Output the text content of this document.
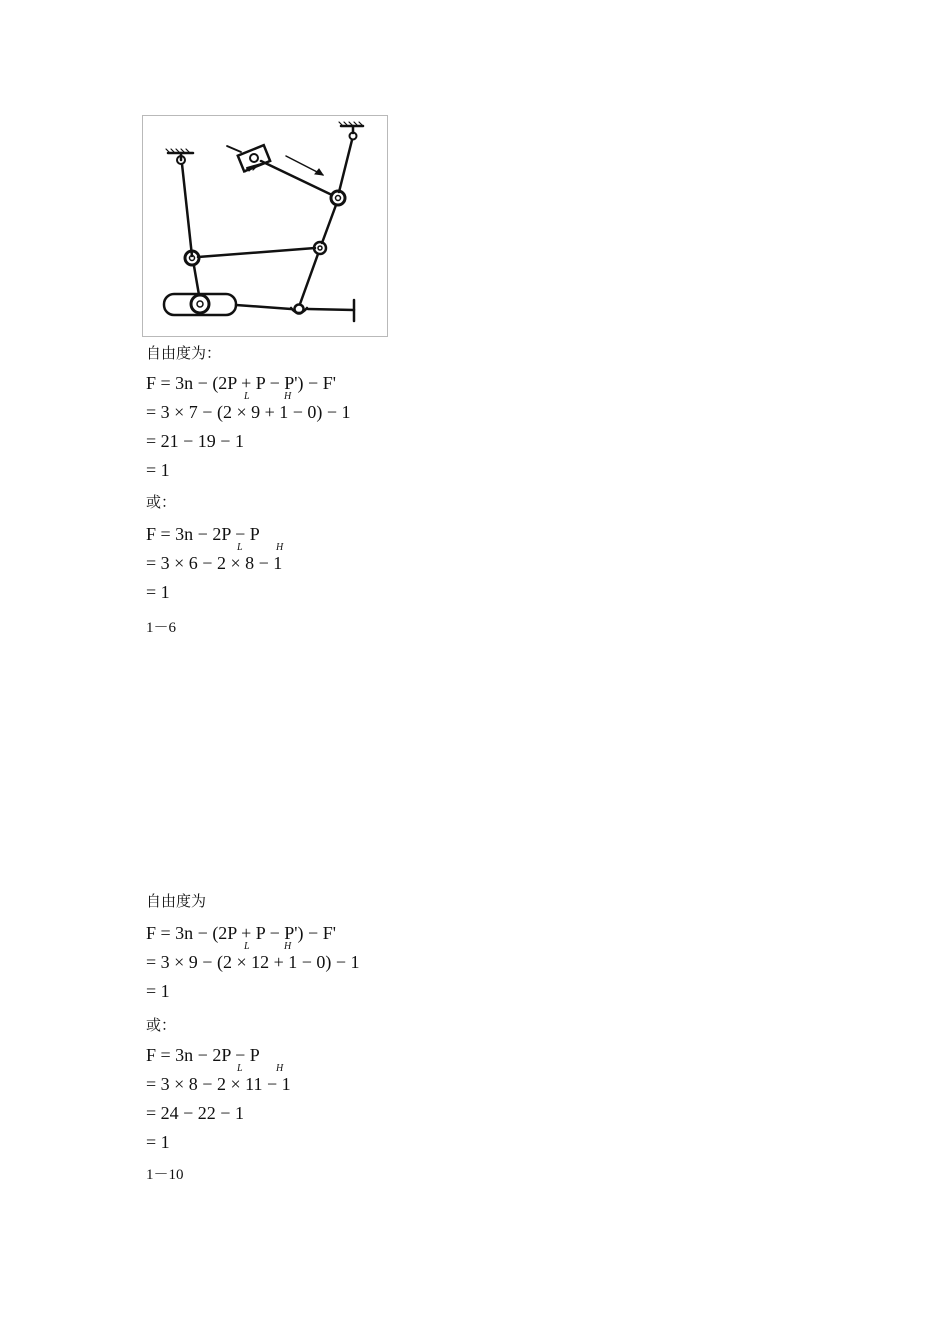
自由度为：
F = 3n − (2P + P − P') − F'
L	H
= 3 × 7 − (2 × 9 + 1 − 0) − 1
= 21 − 19 − 1
= 1
或：
F = 3n − 2P − P
L	H
= 3 × 6 − 2 × 8 − 1
= 1
1－6
自由度为
F = 3n − (2P + P − P') − F'
L	H
= 3 × 9 − (2 × 12 + 1 − 0) − 1
= 1
或：
F = 3n − 2P − P
L	H
= 3 × 8 − 2 × 11 − 1
= 24 − 22 − 1
= 1
1－10
